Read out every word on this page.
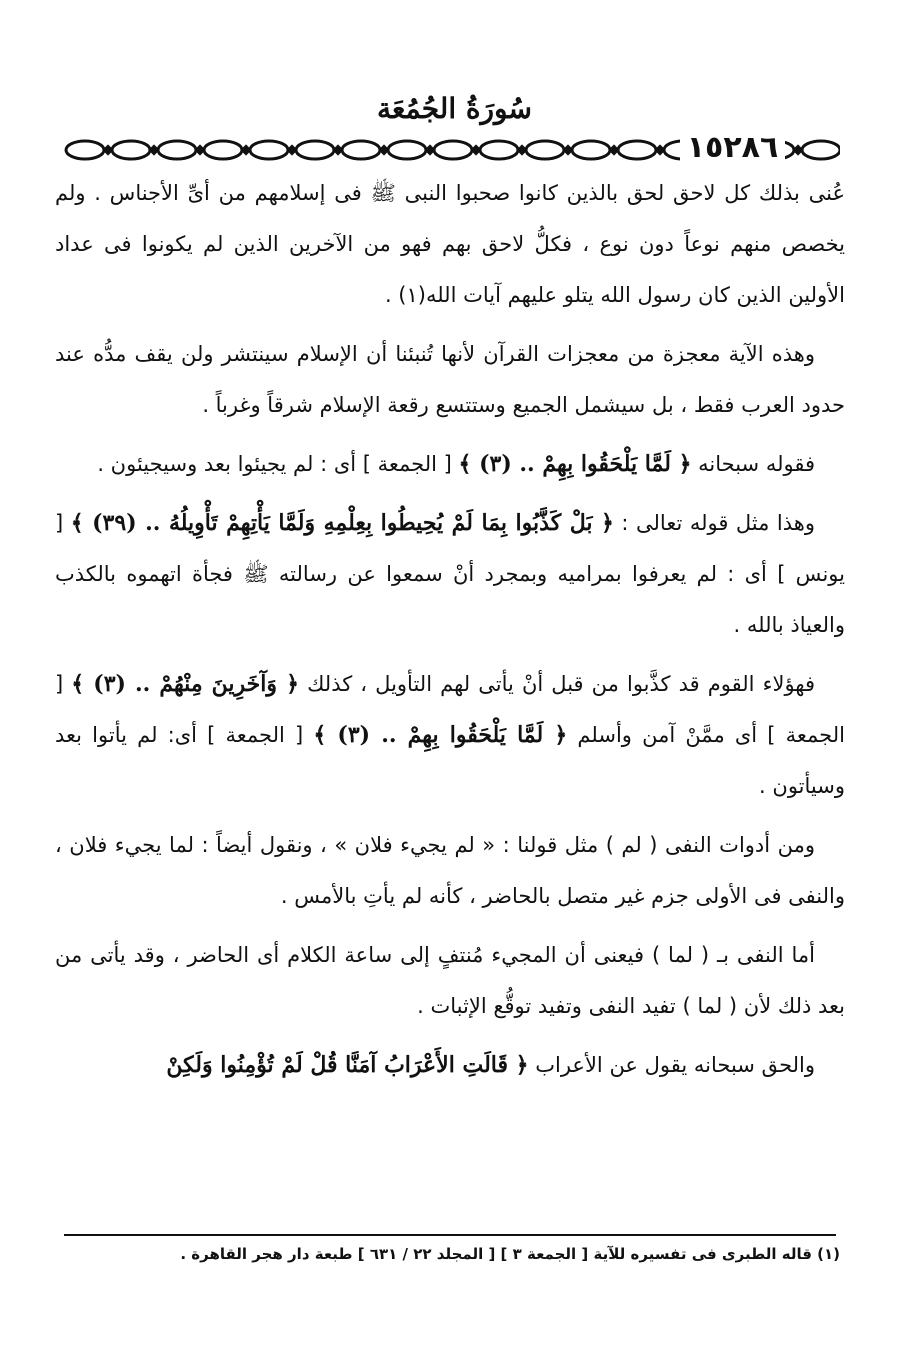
سُورَةُ الجُمُعَة
١٥٢٨٦

عُنى بذلك كل لاحق لحق بالذين كانوا صحبوا النبى ﷺ فى إسلامهم من أىِّ الأجناس . ولم يخصص منهم نوعاً دون نوع ، فكلُّ لاحق بهم فهو من الآخرين الذين لم يكونوا فى عداد الأولين الذين كان رسول الله يتلو عليهم آيات الله(١) .

وهذه الآية معجزة من معجزات القرآن لأنها تُنبئنا أن الإسلام سينتشر ولن يقف مدُّه عند حدود العرب فقط ، بل سيشمل الجميع وستتسع رقعة الإسلام شرقاً وغرباً .

فقوله سبحانه ﴿ لَمَّا يَلْحَقُوا بِهِمْ .. (٣) ﴾ [ الجمعة ] أى : لم يجيئوا بعد وسيجيئون .

وهذا مثل قوله تعالى : ﴿ بَلْ كَذَّبُوا بِمَا لَمْ يُحِيطُوا بِعِلْمِهِ وَلَمَّا يَأْتِهِمْ تَأْوِيلُهُ .. (٣٩) ﴾ [ يونس ] أى : لم يعرفوا بمراميه وبمجرد أنْ سمعوا عن رسالته ﷺ فجأة اتهموه بالكذب والعياذ بالله .

فهؤلاء القوم قد كذَّبوا من قبل أنْ يأتى لهم التأويل ، كذلك ﴿ وَآخَرِينَ مِنْهُمْ .. (٣) ﴾ [ الجمعة ] أى ممَّنْ آمن وأسلم ﴿ لَمَّا يَلْحَقُوا بِهِمْ .. (٣) ﴾ [ الجمعة ] أى: لم يأتوا بعد وسيأتون .

ومن أدوات النفى ( لم ) مثل قولنا : « لم يجيء فلان » ، ونقول أيضاً : لما يجيء فلان ، والنفى فى الأولى جزم غير متصل بالحاضر ، كأنه لم يأتِ بالأمس .

أما النفى بـ ( لما ) فيعنى أن المجيء مُنتفٍ إلى ساعة الكلام أى الحاضر ، وقد يأتى من بعد ذلك لأن ( لما ) تفيد النفى وتفيد توقُّع الإثبات .

والحق سبحانه يقول عن الأعراب ﴿ قَالَتِ الأَعْرَابُ آمَنَّا قُلْ لَمْ تُؤْمِنُوا وَلَكِنْ

(١) قاله الطبرى فى تفسيره للآية [ الجمعة ٣ ] [ المجلد ٢٢ / ٦٣١ ] طبعة دار هجر القاهرة .
